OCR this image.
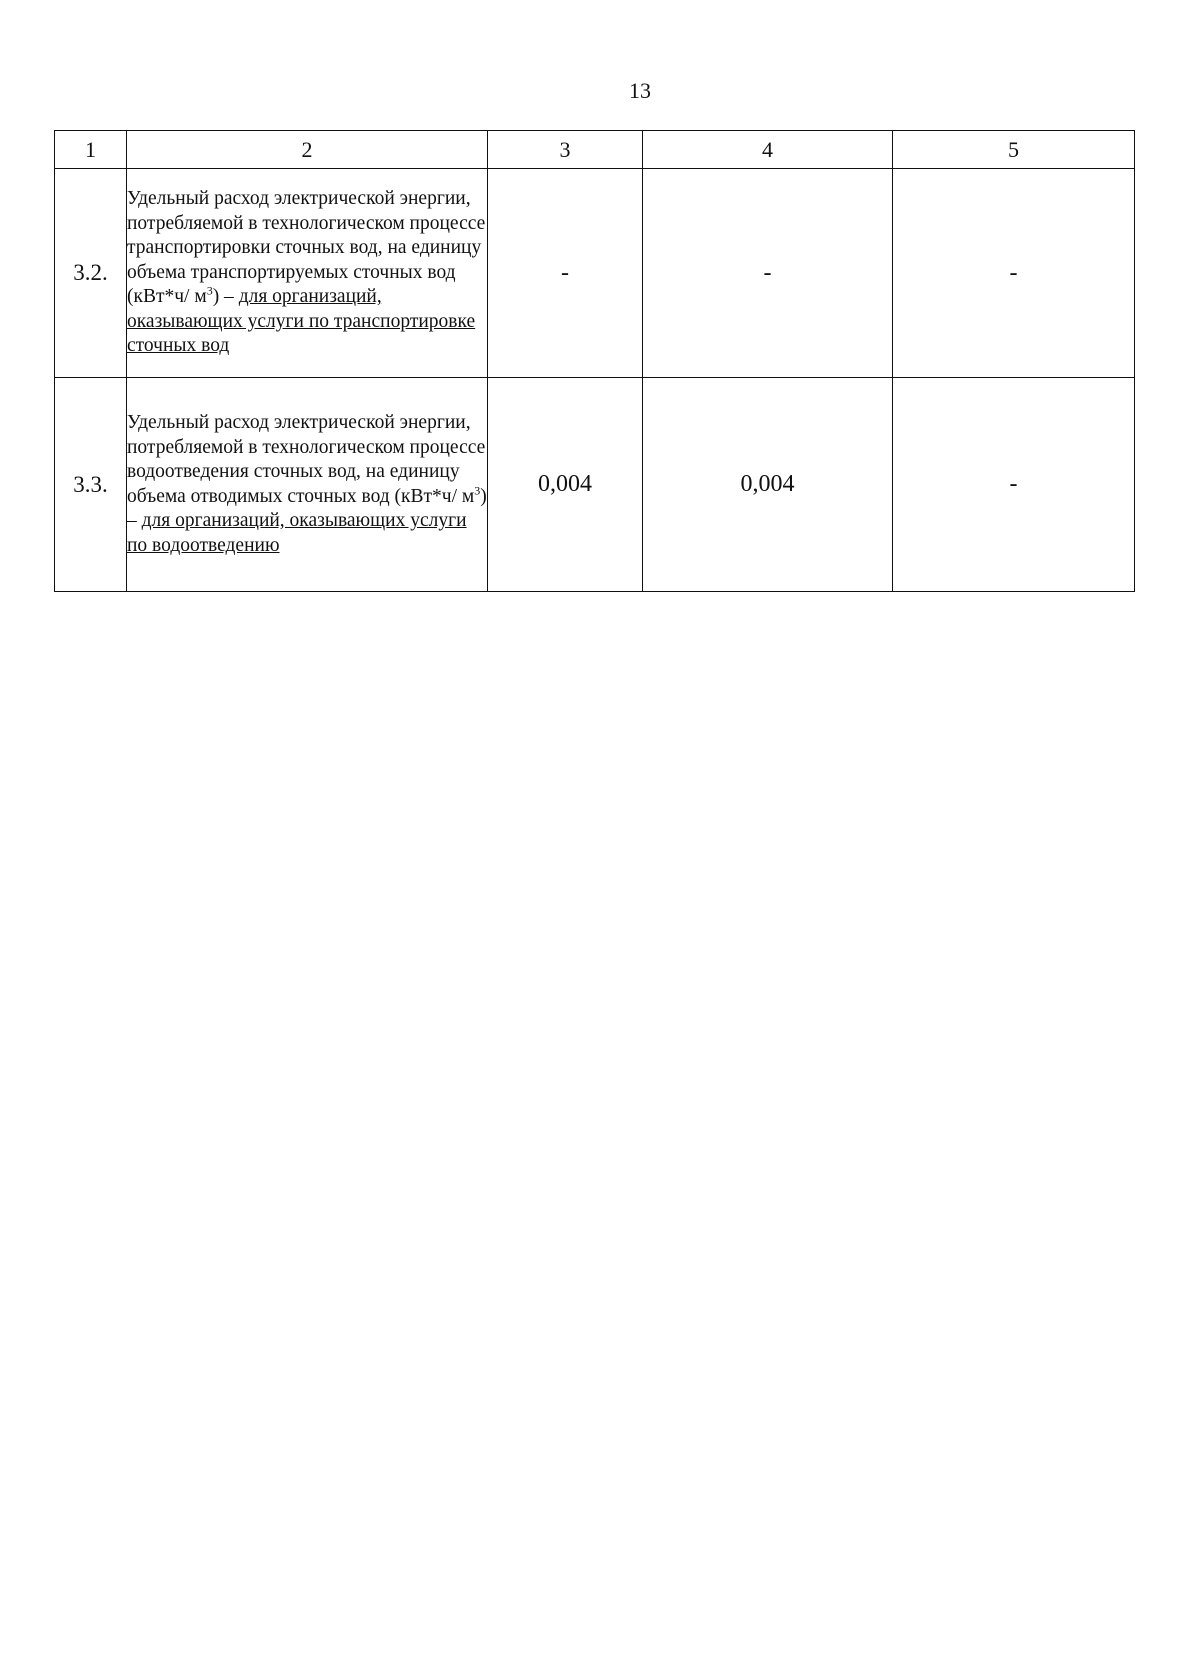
13
1	2	3	4	5
3.2.	Удельный расход электрической энергии, потребляемой в технологическом процессе транспортировки сточных вод, на единицу объема транспортируемых сточных вод (кВт*ч/ $м^3$) – для организаций, оказывающих услуги по транспортировке сточных вод	-	-	-
3.3.	Удельный расход электрической энергии, потребляемой в технологическом процессе водоотведения сточных вод, на единицу объема отводимых сточных вод (кВт*ч/ $м^3$) – для организаций, оказывающих услуги по водоотведению	0,004	0,004	-
